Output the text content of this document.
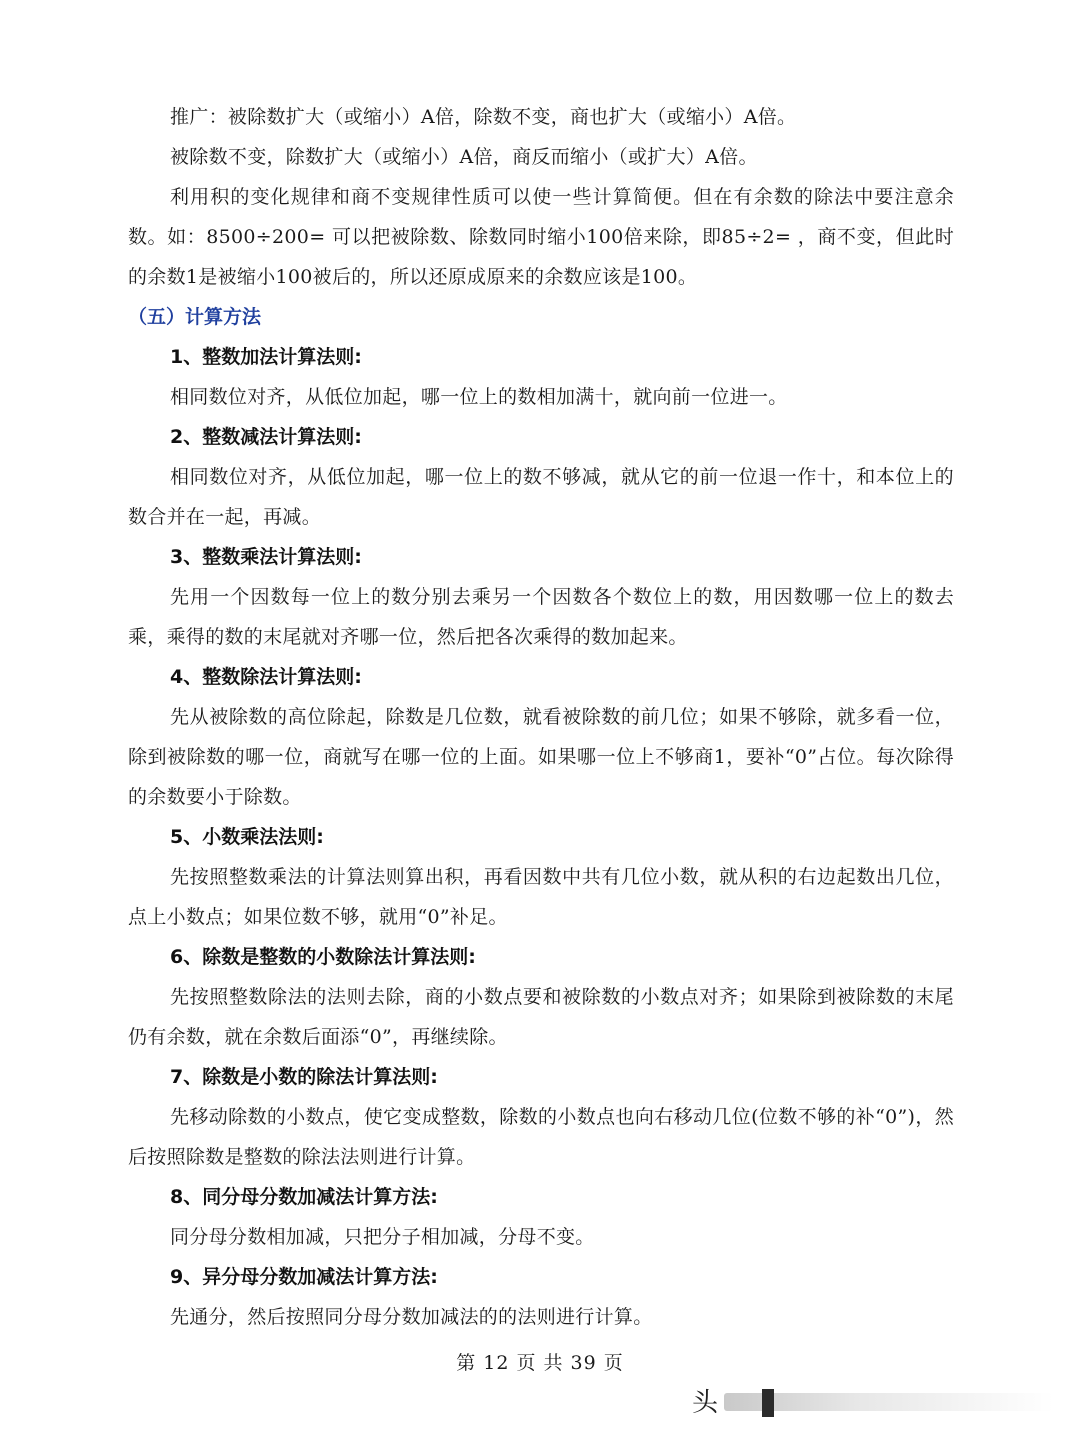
推广：被除数扩大（或缩小）A倍，除数不变，商也扩大（或缩小）A倍。

被除数不变，除数扩大（或缩小）A倍，商反而缩小（或扩大）A倍。

利用积的变化规律和商不变规律性质可以使一些计算简便。但在有余数的除法中要注意余数。如：8500÷200= 可以把被除数、除数同时缩小100倍来除，即85÷2= ，商不变，但此时的余数1是被缩小100被后的，所以还原成原来的余数应该是100。

（五）计算方法

1、整数加法计算法则:

相同数位对齐，从低位加起，哪一位上的数相加满十，就向前一位进一。

2、整数减法计算法则:

相同数位对齐，从低位加起，哪一位上的数不够减，就从它的前一位退一作十，和本位上的数合并在一起，再减。

3、整数乘法计算法则:

先用一个因数每一位上的数分别去乘另一个因数各个数位上的数，用因数哪一位上的数去乘，乘得的数的末尾就对齐哪一位，然后把各次乘得的数加起来。

4、整数除法计算法则:

先从被除数的高位除起，除数是几位数，就看被除数的前几位；如果不够除，就多看一位，除到被除数的哪一位，商就写在哪一位的上面。如果哪一位上不够商1，要补“0”占位。每次除得的余数要小于除数。

5、小数乘法法则:

先按照整数乘法的计算法则算出积，再看因数中共有几位小数，就从积的右边起数出几位，点上小数点；如果位数不够，就用“0”补足。

6、除数是整数的小数除法计算法则:

先按照整数除法的法则去除，商的小数点要和被除数的小数点对齐；如果除到被除数的末尾仍有余数，就在余数后面添“0”，再继续除。

7、除数是小数的除法计算法则:

先移动除数的小数点，使它变成整数，除数的小数点也向右移动几位(位数不够的补“0”)，然后按照除数是整数的除法法则进行计算。

8、同分母分数加减法计算方法:

同分母分数相加减，只把分子相加减，分母不变。

9、异分母分数加减法计算方法:

先通分，然后按照同分母分数加减法的的法则进行计算。

第 12 页 共 39 页
头
